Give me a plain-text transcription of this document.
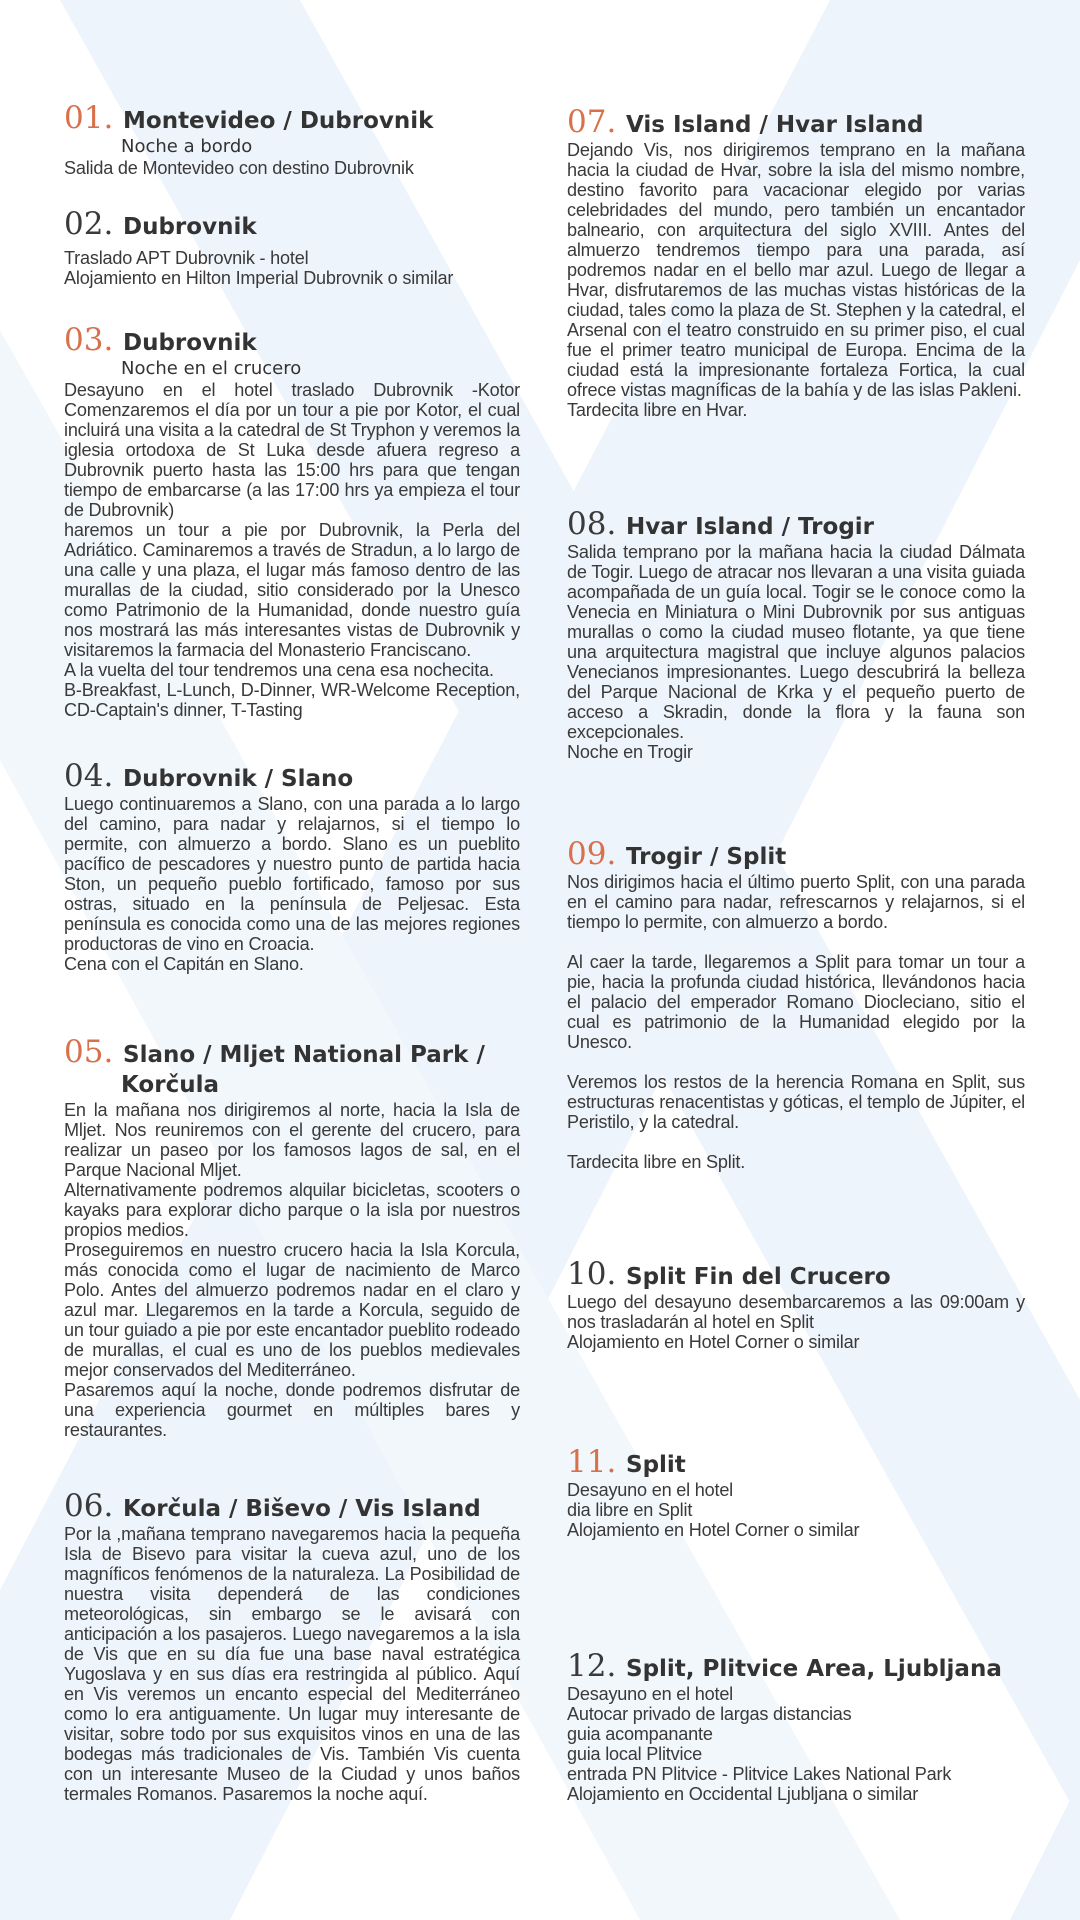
01. Montevideo / Dubrovnik
Noche a bordo

Salida de Montevideo con destino Dubrovnik

02. Dubrovnik

Traslado APT Dubrovnik - hotel

Alojamiento en Hilton Imperial Dubrovnik o similar

03. Dubrovnik
Noche en el crucero

Desayuno en el hotel traslado Dubrovnik -Kotor Comenzaremos el día por un tour a pie por Kotor, el cual incluirá una visita a la catedral de St Tryphon y veremos la iglesia ortodoxa de St Luka desde afuera regreso a Dubrovnik puerto hasta las 15:00 hrs para que tengan tiempo de embarcarse (a las 17:00 hrs ya empieza el tour de Dubrovnik)

haremos un tour a pie por Dubrovnik, la Perla del Adriático. Caminaremos a través de Stradun, a lo largo de una calle y una plaza, el lugar más famoso dentro de las murallas de la ciudad, sitio considerado por la Unesco como Patrimonio de la Humanidad, donde nuestro guía nos mostrará las más interesantes vistas de Dubrovnik y visitaremos la farmacia del Monasterio Franciscano.

A la vuelta del tour tendremos una cena esa nochecita.

B-Breakfast, L-Lunch, D-Dinner, WR-Welcome Reception, CD-Captain's dinner, T-Tasting

04. Dubrovnik / Slano

Luego continuaremos a Slano, con una parada a lo largo del camino, para nadar y relajarnos, si el tiempo lo permite, con almuerzo a bordo. Slano es un pueblito pacífico de pescadores y nuestro punto de partida hacia Ston, un pequeño pueblo fortificado, famoso por sus ostras, situado en la península de Peljesac. Esta península es conocida como una de las mejores regiones productoras de vino en Croacia.

Cena con el Capitán en Slano.

05. Slano / Mljet National Park /
Korčula

En la mañana nos dirigiremos al norte, hacia la Isla de Mljet. Nos reuniremos con el gerente del crucero, para realizar un paseo por los famosos lagos de sal, en el Parque Nacional Mljet.

Alternativamente podremos alquilar bicicletas, scooters o kayaks para explorar dicho parque o la isla por nuestros propios medios.

Proseguiremos en nuestro crucero hacia la Isla Korcula, más conocida como el lugar de nacimiento de Marco Polo. Antes del almuerzo podremos nadar en el claro y azul mar. Llegaremos en la tarde a Korcula, seguido de un tour guiado a pie por este encantador pueblito rodeado de murallas, el cual es uno de los pueblos medievales mejor conservados del Mediterráneo.

Pasaremos aquí la noche, donde podremos disfrutar de una experiencia gourmet en múltiples bares y restaurantes.

06. Korčula / Biševo / Vis Island

Por la ,mañana temprano navegaremos hacia la pequeña Isla de Bisevo para visitar la cueva azul, uno de los magníficos fenómenos de la naturaleza. La Posibilidad de nuestra visita dependerá de las condiciones meteorológicas, sin embargo se le avisará con anticipación a los pasajeros. Luego navegaremos a la isla de Vis que en su día fue una base naval estratégica Yugoslava y en sus días era restringida al público. Aquí en Vis veremos un encanto especial del Mediterráneo como lo era antiguamente. Un lugar muy interesante de visitar, sobre todo por sus exquisitos vinos en una de las bodegas más tradicionales de Vis. También Vis cuenta con un interesante Museo de la Ciudad y unos baños termales Romanos. Pasaremos la noche aquí.

07. Vis Island / Hvar Island

Dejando Vis, nos dirigiremos temprano en la mañana hacia la ciudad de Hvar, sobre la isla del mismo nombre, destino favorito para vacacionar elegido por varias celebridades del mundo, pero también un encantador balneario, con arquitectura del siglo XVIII. Antes del almuerzo tendremos tiempo para una parada, así podremos nadar en el bello mar azul. Luego de llegar a Hvar, disfrutaremos de las muchas vistas históricas de la ciudad, tales como la plaza de St. Stephen y la catedral, el Arsenal con el teatro construido en su primer piso, el cual fue el primer teatro municipal de Europa. Encima de la ciudad está la impresionante fortaleza Fortica, la cual ofrece vistas magníficas de la bahía y de las islas Pakleni.

Tardecita libre en Hvar.

08. Hvar Island / Trogir

Salida temprano por la mañana hacia la ciudad Dálmata de Togir. Luego de atracar nos llevaran a una visita guiada acompañada de un guía local. Togir se le conoce como la Venecia en Miniatura o Mini Dubrovnik por sus antiguas murallas o como la ciudad museo flotante, ya que tiene una arquitectura magistral que incluye algunos palacios Venecianos impresionantes. Luego descubrirá la belleza del Parque Nacional de Krka y el pequeño puerto de acceso a Skradin, donde la flora y la fauna son excepcionales.

Noche en Trogir

09. Trogir / Split

Nos dirigimos hacia el último puerto Split, con una parada en el camino para nadar, refrescarnos y relajarnos, si el tiempo lo permite, con almuerzo a bordo.

Al caer la tarde, llegaremos a Split para tomar un tour a pie, hacia la profunda ciudad histórica, llevándonos hacia el palacio del emperador Romano Diocleciano, sitio el cual es patrimonio de la Humanidad elegido por la Unesco.

Veremos los restos de la herencia Romana en Split, sus estructuras renacentistas y góticas, el templo de Júpiter, el Peristilo, y la catedral.

Tardecita libre en Split.

10. Split Fin del Crucero

Luego del desayuno desembarcaremos a las 09:00am y nos trasladarán al hotel en Split

Alojamiento en Hotel Corner o similar

11. Split

Desayuno en el hotel

dia libre en Split

Alojamiento en Hotel Corner o similar

12. Split, Plitvice Area, Ljubljana

Desayuno en el hotel

Autocar privado de largas distancias

guia acompanante

guia local Plitvice

entrada PN Plitvice - Plitvice Lakes National Park

Alojamiento en Occidental Ljubljana o similar
